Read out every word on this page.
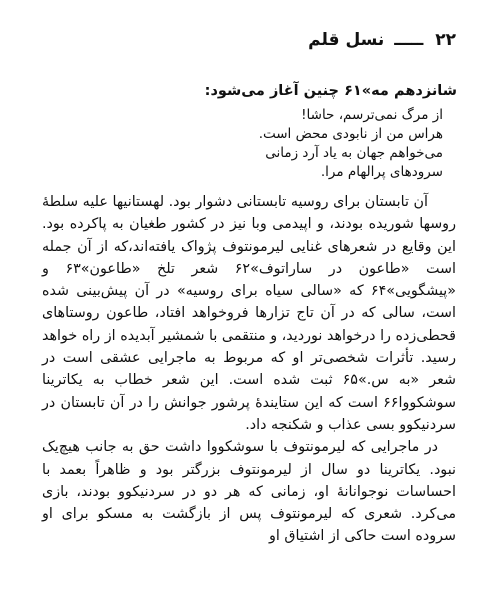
۲۲ ـــــ نسل قلم
شانزدهم مه»۶۱ چنین آغاز می‌شود:
از مرگ نمی‌ترسم، حاشا!
هراس من از نابودی محض است.
می‌خواهم جهان به یاد آرد زمانی
سرودهای پرالهام مرا.

آن تابستان برای روسیه تابستانی دشوار بود. لهستانیها علیه سلطهٔ روسها شوریده بودند، و اپیدمی وبا نیز در کشور طغیان به پاکرده بود. این وقایع در شعرهای غنایی لیرمونتوف پژواک یافته‌اند،که از آن جمله است «طاعون در ساراتوف»۶۲ شعر تلخ «طاعون»۶۳ و «پیشگویی»۶۴ که «سالی سیاه برای روسیه» در آن پیش‌بینی شده است، سالی که در آن تاج تزارها فروخواهد افتاد، طاعون روستاهای قحطی‌زده را درخواهد نوردید، و منتقمی با شمشیر آبدیده از راه خواهد رسید. تأثرات شخصی‌تر او که مربوط به ماجرایی عشقی است در شعر «به س.»۶۵ ثبت شده است. این شعر خطاب به یکاترینا سوشکووا۶۶ است که این ستایندهٔ پرشور جوانش را در آن تابستان در سردنیکوو بسی عذاب و شکنجه داد.

در ماجرایی که لیرمونتوف با سوشکووا داشت حق به جانب هیچ‌یک نبود. یکاترینا دو سال از لیرمونتوف بزرگتر بود و ظاهراً بعمد با احساسات نوجوانانهٔ او، زمانی که هر دو در سردنیکوو بودند، بازی می‌کرد. شعری که لیرمونتوف پس از بازگشت به مسکو برای او سروده است حاکی از اشتیاق او
